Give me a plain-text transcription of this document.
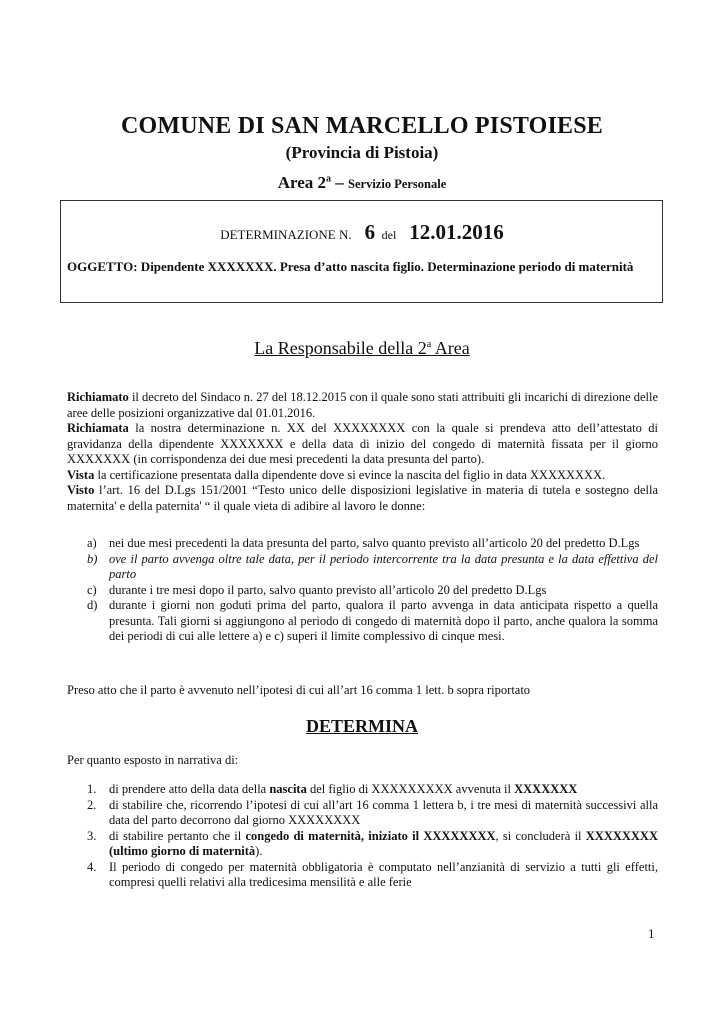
COMUNE DI SAN MARCELLO PISTOIESE
(Provincia di Pistoia)
Area 2$^a$ – Servizio Personale
DETERMINAZIONE N. 6 del 12.01.2016
OGGETTO: Dipendente XXXXXXX. Presa d’atto nascita figlio. Determinazione periodo di maternità
La Responsabile della 2$^a$ Area
Richiamato il decreto del Sindaco n. 27 del 18.12.2015 con il quale sono stati attribuiti gli incarichi di direzione delle aree delle posizioni organizzative dal 01.01.2016.
Richiamata la nostra determinazione n. XX del XXXXXXXX con la quale si prendeva atto dell’attestato di gravidanza della dipendente XXXXXXX e della data di inizio del congedo di maternità fissata per il giorno XXXXXXX (in corrispondenza dei due mesi precedenti la data presunta del parto).
Vista la certificazione presentata dalla dipendente dove si evince la nascita del figlio in data XXXXXXXX.
Visto l’art. 16 del D.Lgs 151/2001 “Testo unico delle disposizioni legislative in materia di tutela e sostegno della maternita' e della paternita' “ il quale vieta di adibire al lavoro le donne:
a) nei due mesi precedenti la data presunta del parto, salvo quanto previsto all’articolo 20 del predetto D.Lgs
b) ove il parto avvenga oltre tale data, per il periodo intercorrente tra la data presunta e la data effettiva del parto
c) durante i tre mesi dopo il parto, salvo quanto previsto all’articolo 20 del predetto D.Lgs
d) durante i giorni non goduti prima del parto, qualora il parto avvenga in data anticipata rispetto a quella presunta. Tali giorni si aggiungono al periodo di congedo di maternità dopo il parto, anche qualora la somma dei periodi di cui alle lettere a) e c) superi il limite complessivo di cinque mesi.
Preso atto che il parto è avvenuto nell’ipotesi di cui all’art 16 comma 1 lett. b sopra riportato
DETERMINA
Per quanto esposto in narrativa di:
1. di prendere atto della data della nascita del figlio di XXXXXXXXX avvenuta il XXXXXXX
2. di stabilire che, ricorrendo l’ipotesi di cui all’art 16 comma 1 lettera b, i tre mesi di maternità successivi alla data del parto decorrono dal giorno XXXXXXXX
3. di stabilire pertanto che il congedo di maternità, iniziato il XXXXXXXX, si concluderà il XXXXXXXX (ultimo giorno di maternità).
4. Il periodo di congedo per maternità obbligatoria è computato nell’anzianità di servizio a tutti gli effetti, compresi quelli relativi alla tredicesima mensilità e alle ferie
1
